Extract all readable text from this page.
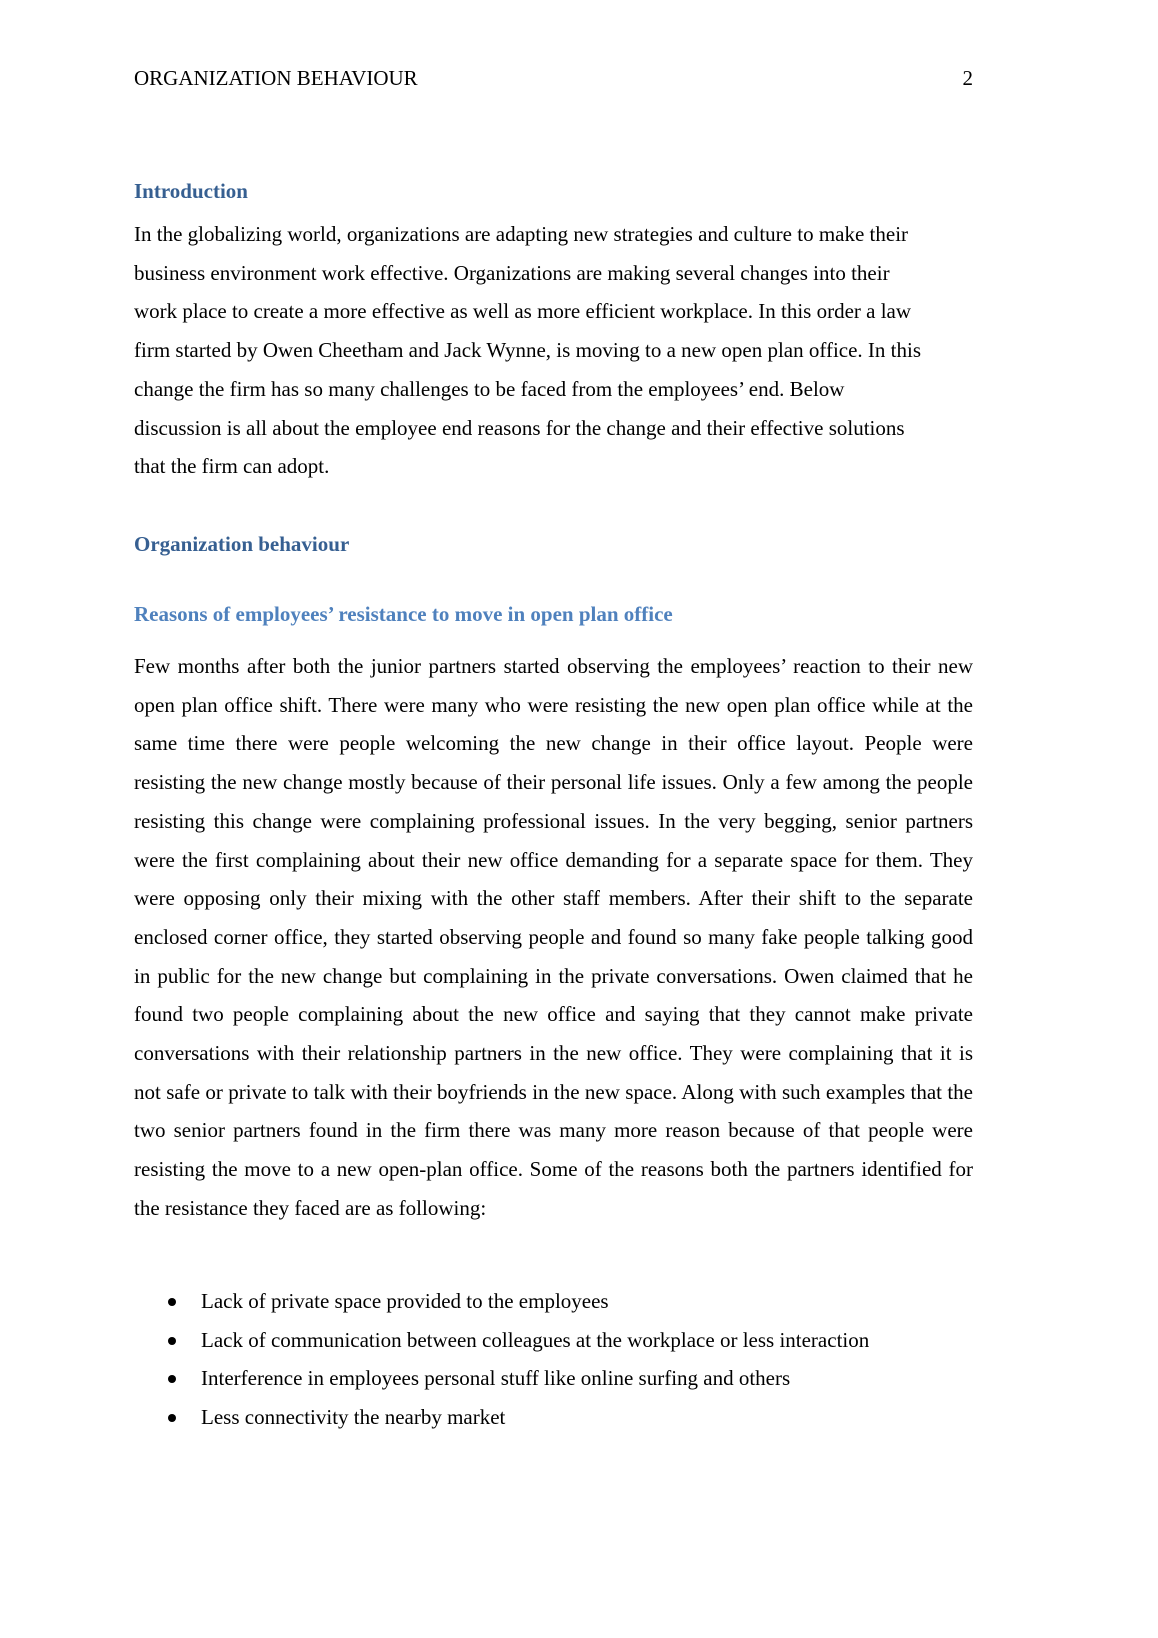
ORGANIZATION BEHAVIOUR	2
Introduction
In the globalizing world, organizations are adapting new strategies and culture to make their
business environment work effective. Organizations are making several changes into their
work place to create a more effective as well as more efficient workplace. In this order a law
firm started by Owen Cheetham and Jack Wynne, is moving to a new open plan office. In this
change the firm has so many challenges to be faced from the employees’ end. Below
discussion is all about the employee end reasons for the change and their effective solutions
that the firm can adopt.
Organization behaviour
Reasons of employees’ resistance to move in open plan office
Few months after both the junior partners started observing the employees’ reaction to their new open plan office shift. There were many who were resisting the new open plan office while at the same time there were people welcoming the new change in their office layout. People were resisting the new change mostly because of their personal life issues. Only a few among the people resisting this change were complaining professional issues. In the very begging, senior partners were the first complaining about their new office demanding for a separate space for them. They were opposing only their mixing with the other staff members. After their shift to the separate enclosed corner office, they started observing people and found so many fake people talking good in public for the new change but complaining in the private conversations. Owen claimed that he found two people complaining about the new office and saying that they cannot make private conversations with their relationship partners in the new office. They were complaining that it is not safe or private to talk with their boyfriends in the new space. Along with such examples that the two senior partners found in the firm there was many more reason because of that people were resisting the move to a new open-plan office. Some of the reasons both the partners identified for the resistance they faced are as following:
Lack of private space provided to the employees
Lack of communication between colleagues at the workplace or less interaction
Interference in employees personal stuff like online surfing and others
Less connectivity the nearby market
